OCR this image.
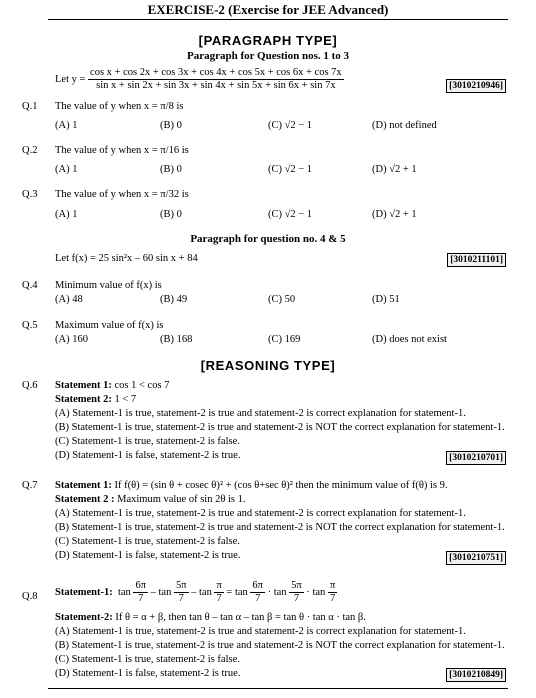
EXERCISE-2 (Exercise for JEE Advanced)
[PARAGRAPH TYPE]
Paragraph for Question nos. 1 to 3
Let $y = \frac{\text{cos x + cos 2x + cos 3x + cos 4x + cos 5x + cos 6x + cos 7x}}{\text{sin x + sin 2x + sin 3x + sin 4x + sin 5x + sin 6x + sin 7x}}$	[3010210946]
Q.1 The value of y when x = π/8 is
(A) 1	(B) 0	(C) √2 − 1	(D) not defined
Q.2 The value of y when x = π/16 is
(A) 1	(B) 0	(C) √2 − 1	(D) √2 + 1
Q.3 The value of y when x = π/32 is
(A) 1	(B) 0	(C) √2 − 1	(D) √2 + 1
Paragraph for question no. 4 & 5
Let f(x) = 25 sin²x – 60 sin x + 84	[3010211101]
Q.4 Minimum value of f(x) is
(A) 48	(B) 49	(C) 50	(D) 51
Q.5 Maximum value of f(x) is
(A) 160	(B) 168	(C) 169	(D) does not exist
[REASONING TYPE]
Q.6 Statement 1: cos 1 < cos 7
Statement 2: 1 < 7
(A) Statement-1 is true, statement-2 is true and statement-2 is correct explanation for statement-1.
(B) Statement-1 is true, statement-2 is true and statement-2 is NOT the correct explanation for statement-1.
(C) Statement-1 is true, statement-2 is false.
(D) Statement-1 is false, statement-2 is true.	[3010210701]
Q.7 Statement 1: If f(θ) = (sin θ + cosec θ)² + (cos θ+sec θ)² then the minimum value of f(θ) is 9.
Statement 2 : Maximum value of sin 2θ is 1.
(A) Statement-1 is true, statement-2 is true and statement-2 is correct explanation for statement-1.
(B) Statement-1 is true, statement-2 is true and statement-2 is NOT the correct explanation for statement-1.
(C) Statement-1 is true, statement-2 is false.
(D) Statement-1 is false, statement-2 is true.	[3010210751]
Q.8 Statement-1: $\tan \frac{6\pi}{7} - \tan \frac{5\pi}{7} - \tan \frac{\pi}{7} = \tan \frac{6\pi}{7} \cdot \tan \frac{5\pi}{7} \cdot \tan \frac{\pi}{7}$
Statement-2: If θ = α + β, then tan θ – tan α – tan β = tan θ · tan α · tan β.
(A) Statement-1 is true, statement-2 is true and statement-2 is correct explanation for statement-1.
(B) Statement-1 is true, statement-2 is true and statement-2 is NOT the correct explanation for statement-1.
(C) Statement-1 is true, statement-2 is false.
(D) Statement-1 is false, statement-2 is true.	[3010210849]
